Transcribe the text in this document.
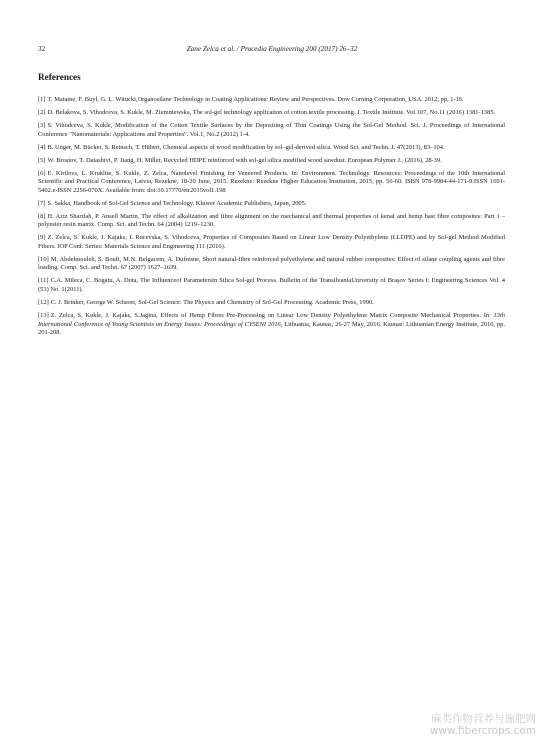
32	Zane Zelca et al. / Procedia Engineering 200 (2017) 26–32
References
[1] T. Matame, F. Buyl, G. L. Witucki,Organosilane Technology in Coating Applications: Review and Perspectives. Dow Corning Corporation, USA. 2012, pp. 1-16.
[2] D. Belakova, S. Vihodceva, S. Kukle, M. Ziemniewska, The sol-gel technology application of cotton textile processing. J. Textile Institute. Vol.107, No.11 (2016) 1381-1385.
[3] S. Vihodceva, S. Kukle, Modification of the Cotton Textile Surfaces by the Depositing of Thin Coatings Using the Sol-Gel Method. Sci. J. Proceedings of International Conference "Nanomaterials: Applications and Properties". Vol.1, No.2 (2012) 1-4.
[4] B. Unger, M. Bücker, S. Reinsch, T. Hübert, Chemical aspects of wood modification by sol–gel-derived silica. Wood Sci. and Techn. J. 47(2013), 83–104.
[5] W. Brostov, T. Datashivi, P. Jiang, H. Miller, Recycled HDPE reinforced with sol-gel silica modified wood sawdust. European Polymer J., (2016), 28-39.
[6] E. Kirilovs, L. Kruklite, S. Kukle, Z. Zelca, Nanolevel Finishing for Veneered Products. In: Environment. Technology. Resources: Proceedings of the 10th International Scientific and Practical Conference, Latvia, Rezekne, 18-20 June, 2015. Rezekne: Rezekne Higher Education Institution, 2015, pp. 56-60. ISBN 978-9984-44-171-9.ISSN 1691-5402.e-ISSN 2256-070X. Available from: doi:10.17770/etr2015vol1.198
[7] S. Sakka, Handbook of Sol-Gel Science and Technology. Kluwer Academic Publishers, Japan, 2005.
[8] H. Aziz Sharifah, P. Ansell Martin, The effect of alkalization and fibre alignment on the mechanical and thermal properties of kenaf and hemp bast fibre composites: Part 1 – polyester resin matrix. Comp. Sci. and Techn. 64 (2004) 1219–1230.
[9] Z. Zelca, S. Kukle, J. Kajaks, I. Rucevska, S. Vihodceva, Properties of Composites Based on Linear Low Density Polyethylene (LLDPE) and by Sol-gel Method Modified Fibers. IOP Conf. Series: Materials Science and Engineering 111 (2016).
[10] M. Abdelmouleh, S. Boufi, M.N. Belgacem, A. Dufresne, Short natural-fibre reinforced polyethylene and natural rubber composites: Effect of silane coupling agents and fibre loading. Comp. Sci. and Techn. 67 (2007) 1627–1639.
[11] C.A. Mileca, C. Bogatu, A. Duta, The Influenceof Parametersin Silica Sol-gel Process. Bulletin of the TransilvaniaUniversity of Braşov Series I: Engineering Sciences Vol. 4 (53) No. 1(2011).
[12] C. J. Brinker, George W. Scherer, Sol-Gel Science: The Physics and Chemistry of Sol-Gel Processing. Academic Press, 1990.
[13] Z. Zelca, S. Kukle, J. Kajaks, S.Jagina, Effects of Hemp Fibres Pre-Processing on Linear Low Density Polyethylene Matrix Composite Mechanical Properties. In: 13th International Conference of Young Scientists on Energy Issues: Proceedings of CYSENI 2016, Lithuania, Kaunas, 26-27 May, 2016. Kaunas: Lithuanian Energy Institute, 2016, pp. 201-208.
麻类作物营养与施肥网
www.fibercrops.com
